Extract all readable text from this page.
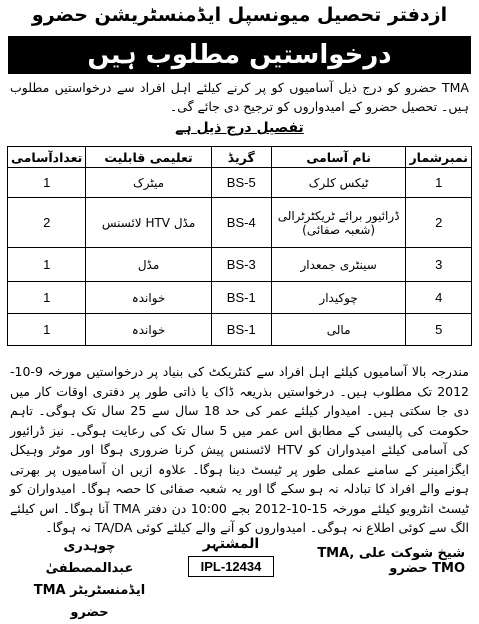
ازدفتر تحصیل میونسپل ایڈمنسٹریشن حضرو
درخواستیں مطلوب ہیں
TMA حضرو کو درج ذیل آسامیوں کو پر کرنے کیلئے اہل افراد سے درخواستیں مطلوب ہیں۔ تحصیل حضرو کے امیدواروں کو ترجیح دی جائے گی۔
تفصیل درج ذیل ہے
نمبرشمار	نام آسامی	گریڈ	تعلیمی قابلیت	تعدادآسامی
1	ٹیکس کلرک	BS-5	میٹرک	1
2	ڈرائیور برائے ٹریکٹرٹرالی (شعبہ صفائی)	BS-4	مڈل HTV لائسنس	2
3	سینٹری جمعدار	BS-3	مڈل	1
4	چوکیدار	BS-1	خواندہ	1
5	مالی	BS-1	خواندہ	1
مندرجہ بالا آسامیوں کیلئے اہل افراد سے کنٹریکٹ کی بنیاد پر درخواستیں مورخہ 9-10-2012 تک مطلوب ہیں۔ درخواستیں بذریعہ ڈاک یا ذاتی طور پر دفتری اوقات کار میں دی جا سکتی ہیں۔ امیدوار کیلئے عمر کی حد 18 سال سے 25 سال تک ہوگی۔ تاہم حکومت کی پالیسی کے مطابق اس عمر میں 5 سال تک کی رعایت ہوگی۔ نیز ڈرائیور کی آسامی کیلئے امیدواران کو HTV لائسنس پیش کرنا ضروری ہوگا اور موٹر وہیکل ایگزامینر کے سامنے عملی طور پر ٹیسٹ دینا ہوگا۔ علاوہ ازیں ان آسامیوں پر بھرتی ہونے والے افراد کا تبادلہ نہ ہو سکے گا اور یہ شعبہ صفائی کا حصہ ہوگا۔ امیدواران کو ٹیسٹ انٹرویو کیلئے مورخہ 15-10-2012 بجے 10:00 دن دفتر TMA آنا ہوگا۔ اس کیلئے الگ سے کوئی اطلاع نہ ہوگی۔ امیدواروں کو آنے والے کیلئے کوئی TA/DA نہ ہوگا۔
چوہدری عبدالمصطفیٰ
ایڈمنسٹریٹر TMA حضرو
المشتہر
IPL-12434
شیخ شوکت علی TMA, TMO حضرو
